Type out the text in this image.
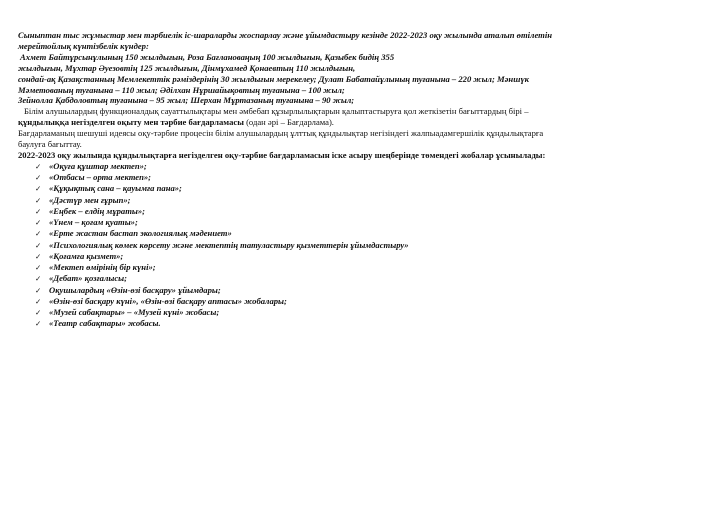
Сыныптан тыс жұмыстар мен тәрбиелік іс-шараларды жоспарлау және ұйымдастыру кезінде 2022-2023 оқу жылында аталып өтілетін
мерейтойлық күнтізбелік күндер:
Ахмет Байтұрсынұлының 150 жылдығын, Роза Бағлановаңың 100 жылдығын, Қазыбек бидің 355
жылдығын, Мұхтар Әуезовтің 125 жылдығын, Дінмұхамед Қонаевтың 110 жылдығын,
сондай-ақ Қазақстанның Мемлекеттік рәміздерінің 30 жылдығын мерекелеу; Дулат Бабатайұлының туғанына – 220 жыл; Мәншүк
Мәметованың туғанына – 110 жыл; Әділхан Нұршайықовтың туғанына – 100 жыл;
Зейнолла Қабдоловтың туғанына – 95 жыл; Шерхан Мұртазаның туғанына – 90 жыл;
Білім алушылардың функционалдық сауаттылықтары мен әмбебап құзырлылықтарын қалыптастыруға қол жеткізетін бағыттардың бірі –
құндылыққа негізделген оқыту мен тәрбие бағдарламасы (одан әрі – Бағдарлама).
Бағдарламаның шешуші идеясы оқу-тәрбие процесін білім алушылардың ұлттық құндылықтар негізіндегі жалпыадамгершілік құндылықтарға
баулуға бағыттау.
2022-2023 оқу жылында құндылықтарға негізделген оқу-тәрбие бағдарламасын іске асыру шеңберінде төмендегі жобалар ұсынылады:
✓ «Оқуға құштар мектеп»;
✓ «Отбасы – орта мектеп»;
✓ «Құқықтық сана – қауымға пана»;
✓ «Дәстүр мен ғұрып»;
✓ «Еңбек – елдің мұраты»;
✓ «Үнем – қоғам қуаты»;
✓ «Ерте жастан бастап экологиялық мәдениет»
✓ «Психологиялық көмек көрсету және мектептің татуластыру қызметтерін ұйымдастыру»
✓ «Қоғамға қызмет»;
✓ «Мектеп өмірінің бір күні»;
✓ «Дебат» қозғалысы;
✓ Оқушылардың «Өзін-өзі басқару» ұйымдары;
✓ «Өзін-өзі басқару күні», «Өзін-өзі басқару аптасы» жобалары;
✓ «Музей сабақтары» – «Музей күні» жобасы;
✓ «Театр сабақтары» жобасы.
